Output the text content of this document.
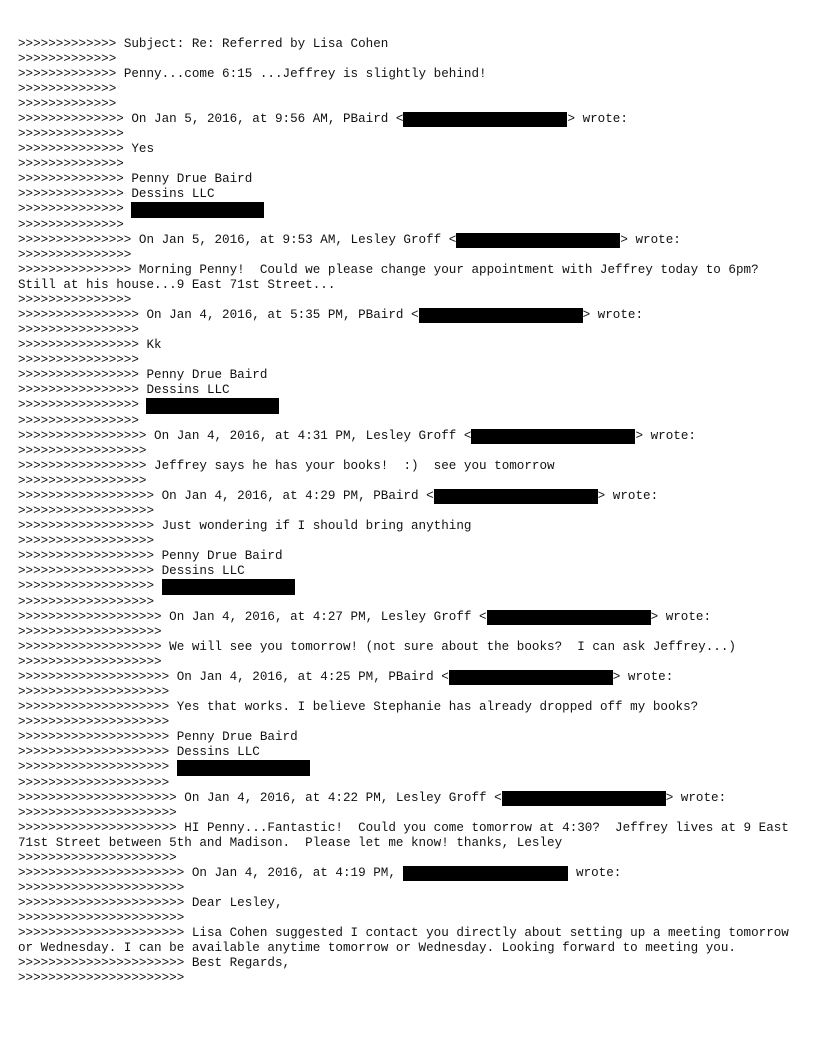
>>>>>>>>>>>>> Subject: Re: Referred by Lisa Cohen
>>>>>>>>>>>>>
>>>>>>>>>>>>> Penny...come 6:15 ...Jeffrey is slightly behind!
>>>>>>>>>>>>>
>>>>>>>>>>>>>
>>>>>>>>>>>>>> On Jan 5, 2016, at 9:56 AM, PBaird <	> wrote:
>>>>>>>>>>>>>>
>>>>>>>>>>>>>> Yes
>>>>>>>>>>>>>>
>>>>>>>>>>>>>> Penny Drue Baird
>>>>>>>>>>>>>> Dessins LLC
>>>>>>>>>>>>>>
>>>>>>>>>>>>>>
>>>>>>>>>>>>>>> On Jan 5, 2016, at 9:53 AM, Lesley Groff <	> wrote:
>>>>>>>>>>>>>>>
>>>>>>>>>>>>>>> Morning Penny!  Could we please change your appointment with Jeffrey today to 6pm?  Still at his house...9 East 71st Street...
>>>>>>>>>>>>>>>
>>>>>>>>>>>>>>>> On Jan 4, 2016, at 5:35 PM, PBaird <	> wrote:
>>>>>>>>>>>>>>>>
>>>>>>>>>>>>>>>> Kk
>>>>>>>>>>>>>>>>
>>>>>>>>>>>>>>>> Penny Drue Baird
>>>>>>>>>>>>>>>> Dessins LLC
>>>>>>>>>>>>>>>>
>>>>>>>>>>>>>>>>
>>>>>>>>>>>>>>>>> On Jan 4, 2016, at 4:31 PM, Lesley Groff <	> wrote:
>>>>>>>>>>>>>>>>>
>>>>>>>>>>>>>>>>> Jeffrey says he has your books!  :)  see you tomorrow
>>>>>>>>>>>>>>>>>
>>>>>>>>>>>>>>>>>> On Jan 4, 2016, at 4:29 PM, PBaird <	> wrote:
>>>>>>>>>>>>>>>>>>
>>>>>>>>>>>>>>>>>> Just wondering if I should bring anything
>>>>>>>>>>>>>>>>>>
>>>>>>>>>>>>>>>>>> Penny Drue Baird
>>>>>>>>>>>>>>>>>> Dessins LLC
>>>>>>>>>>>>>>>>>>
>>>>>>>>>>>>>>>>>>
>>>>>>>>>>>>>>>>>>> On Jan 4, 2016, at 4:27 PM, Lesley Groff <	> wrote:
>>>>>>>>>>>>>>>>>>>
>>>>>>>>>>>>>>>>>>> We will see you tomorrow! (not sure about the books?  I can ask Jeffrey...)
>>>>>>>>>>>>>>>>>>>
>>>>>>>>>>>>>>>>>>>> On Jan 4, 2016, at 4:25 PM, PBaird <	> wrote:
>>>>>>>>>>>>>>>>>>>>
>>>>>>>>>>>>>>>>>>>> Yes that works. I believe Stephanie has already dropped off my books?
>>>>>>>>>>>>>>>>>>>>
>>>>>>>>>>>>>>>>>>>> Penny Drue Baird
>>>>>>>>>>>>>>>>>>>> Dessins LLC
>>>>>>>>>>>>>>>>>>>>
>>>>>>>>>>>>>>>>>>>>
>>>>>>>>>>>>>>>>>>>>> On Jan 4, 2016, at 4:22 PM, Lesley Groff <	> wrote:
>>>>>>>>>>>>>>>>>>>>>
>>>>>>>>>>>>>>>>>>>>> HI Penny...Fantastic!  Could you come tomorrow at 4:30?  Jeffrey lives at 9 East 71st Street between 5th and Madison.  Please let me know! thanks, Lesley
>>>>>>>>>>>>>>>>>>>>>
>>>>>>>>>>>>>>>>>>>>>> On Jan 4, 2016, at 4:19 PM,	wrote:
>>>>>>>>>>>>>>>>>>>>>>
>>>>>>>>>>>>>>>>>>>>>> Dear Lesley,
>>>>>>>>>>>>>>>>>>>>>>
>>>>>>>>>>>>>>>>>>>>>> Lisa Cohen suggested I contact you directly about setting up a meeting tomorrow or Wednesday. I can be available anytime tomorrow or Wednesday. Looking forward to meeting you.
>>>>>>>>>>>>>>>>>>>>>> Best Regards,
>>>>>>>>>>>>>>>>>>>>>>
